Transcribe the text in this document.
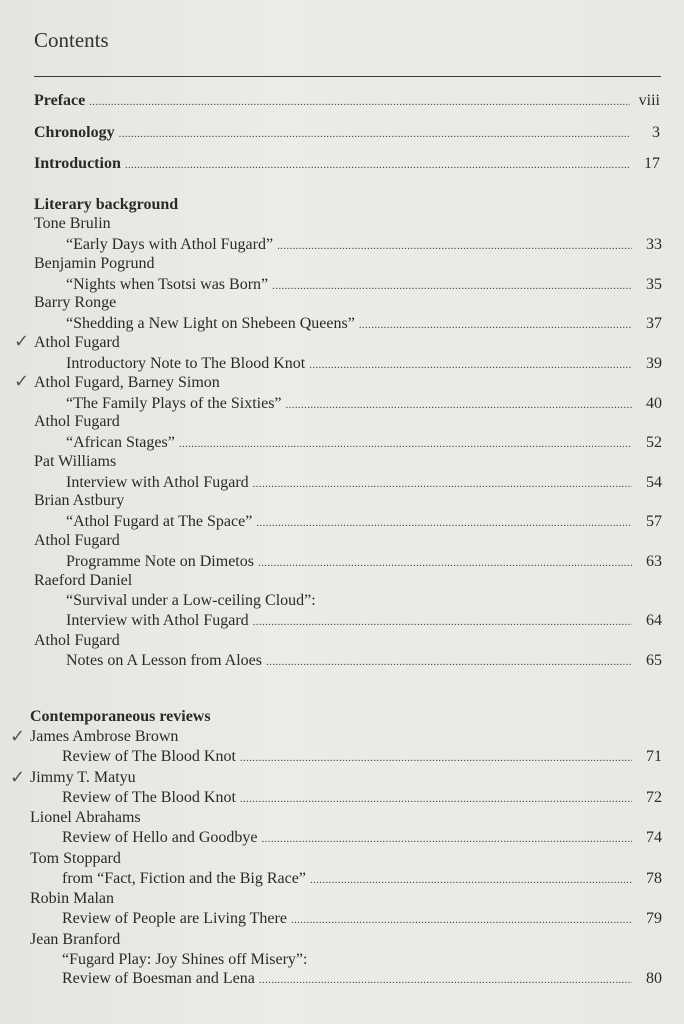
Contents
Preface . . .	viii
Chronology . . .	3
Introduction . . .	17
Literary background
Tone Brulin
“Early Days with Athol Fugard” . . .	33
Benjamin Pogrund
“Nights when Tsotsi was Born” . . .	35
Barry Ronge
“Shedding a New Light on Shebeen Queens” . . .	37
✓ Athol Fugard
Introductory Note to The Blood Knot . . .	39
✓ Athol Fugard, Barney Simon
“The Family Plays of the Sixties” . . .	40
Athol Fugard
“African Stages” . . .	52
Pat Williams
Interview with Athol Fugard . . .	54
Brian Astbury
“Athol Fugard at The Space” . . .	57
Athol Fugard
Programme Note on Dimetos . . .	63
Raeford Daniel
“Survival under a Low-ceiling Cloud”:
Interview with Athol Fugard . . .	64
Athol Fugard
Notes on A Lesson from Aloes . . .	65
Contemporaneous reviews
✓ James Ambrose Brown
Review of The Blood Knot . . .	71
✓ Jimmy T. Matyu
Review of The Blood Knot . . .	72
Lionel Abrahams
Review of Hello and Goodbye . . .	74
Tom Stoppard
from “Fact, Fiction and the Big Race” . . .	78
Robin Malan
Review of People are Living There . . .	79
Jean Branford
“Fugard Play: Joy Shines off Misery”:
Review of Boesman and Lena . . .	80
